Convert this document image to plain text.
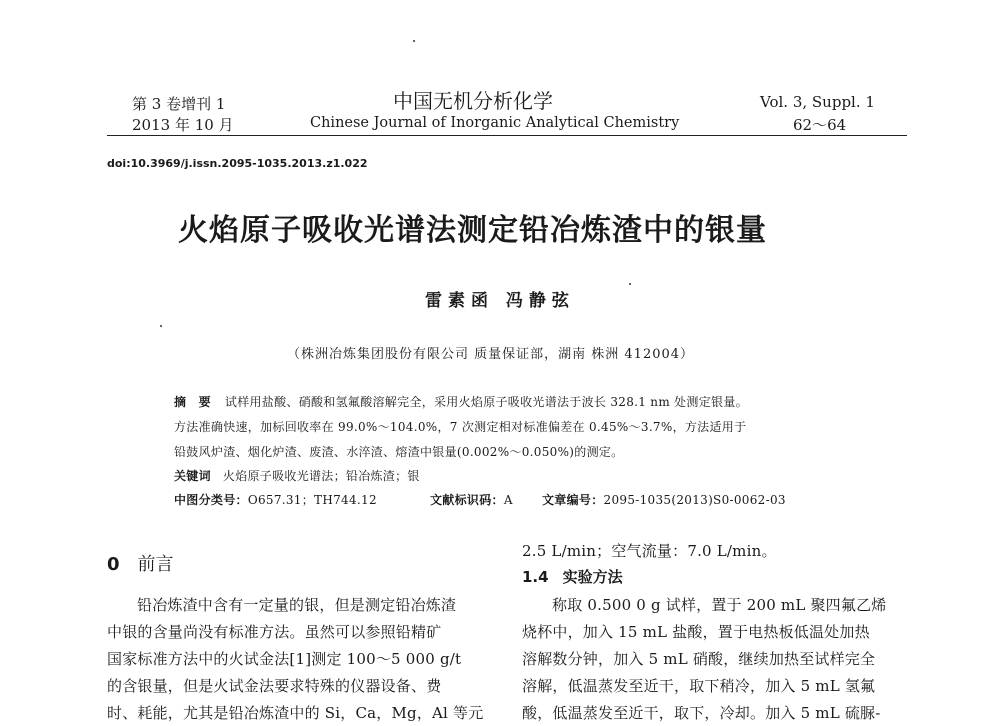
第 3 卷增刊 1
2013 年 10 月
中国无机分析化学
Chinese Journal of Inorganic Analytical Chemistry
Vol. 3, Suppl. 1
62～64
doi:10.3969/j.issn.2095-1035.2013.z1.022
火焰原子吸收光谱法测定铅冶炼渣中的银量
雷素函 冯静弦
（株洲冶炼集团股份有限公司 质量保证部，湖南 株洲 412004）
摘　要 试样用盐酸、硝酸和氢氟酸溶解完全，采用火焰原子吸收光谱法于波长 328.1 nm 处测定银量。
方法准确快速，加标回收率在 99.0%～104.0%，7 次测定相对标准偏差在 0.45%～3.7%，方法适用于
铅鼓风炉渣、烟化炉渣、废渣、水淬渣、熔渣中银量(0.002%～0.050%)的测定。
关键词 火焰原子吸收光谱法；铅冶炼渣；银
中图分类号：O657.31；TH744.12	文献标识码：A 文章编号：2095-1035(2013)S0-0062-03
0 前言
铅冶炼渣中含有一定量的银，但是测定铅冶炼渣
中银的含量尚没有标准方法。虽然可以参照铅精矿
国家标准方法中的火试金法[1]测定 100～5 000 g/t
的含银量，但是火试金法要求特殊的仪器设备、费
时、耗能，尤其是铅冶炼渣中的 Si，Ca，Mg，Al 等元
2.5 L/min；空气流量：7.0 L/min。
1.4 实验方法
称取 0.500 0 g 试样，置于 200 mL 聚四氟乙烯
烧杯中，加入 15 mL 盐酸，置于电热板低温处加热
溶解数分钟，加入 5 mL 硝酸，继续加热至试样完全
溶解，低温蒸发至近干，取下稍冷，加入 5 mL 氢氟
酸，低温蒸发至近干，取下，冷却。加入 5 mL 硫脲-
